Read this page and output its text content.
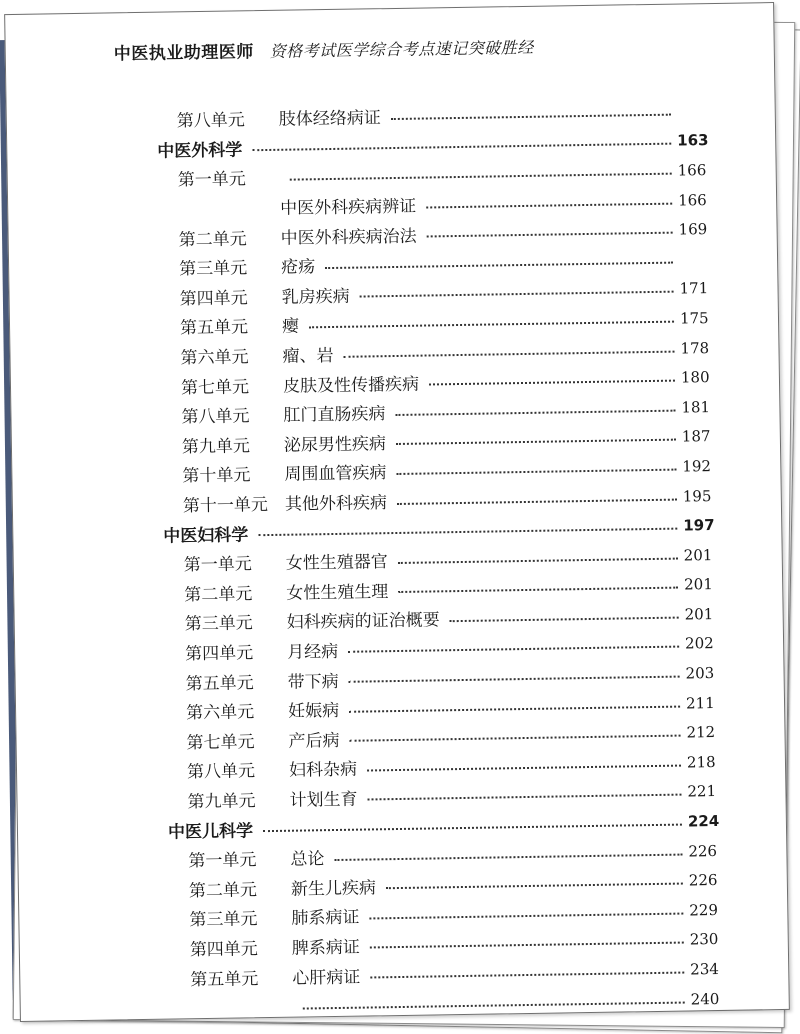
中医执业助理医师 资格考试医学综合考点速记突破胜经
第八单元	肢体经络病证
中医外科学	163
第一单元	166
中医外科疾病辨证	166
第二单元	中医外科疾病治法	169
第三单元	疮疡
第四单元	乳房疾病	171
第五单元	瘿	175
第六单元	瘤、岩	178
第七单元	皮肤及性传播疾病	180
第八单元	肛门直肠疾病	181
第九单元	泌尿男性疾病	187
第十单元	周围血管疾病	192
第十一单元 其他外科疾病	195
中医妇科学	197
第一单元	女性生殖器官	201
第二单元	女性生殖生理	201
第三单元	妇科疾病的证治概要	201
第四单元	月经病	202
第五单元	带下病	203
第六单元	妊娠病	211
第七单元	产后病	212
第八单元	妇科杂病	218
第九单元	计划生育	221
中医儿科学	224
第一单元	总论	226
第二单元	新生儿疾病	226
第三单元	肺系病证	229
第四单元	脾系病证	230
第五单元	心肝病证	234
240
